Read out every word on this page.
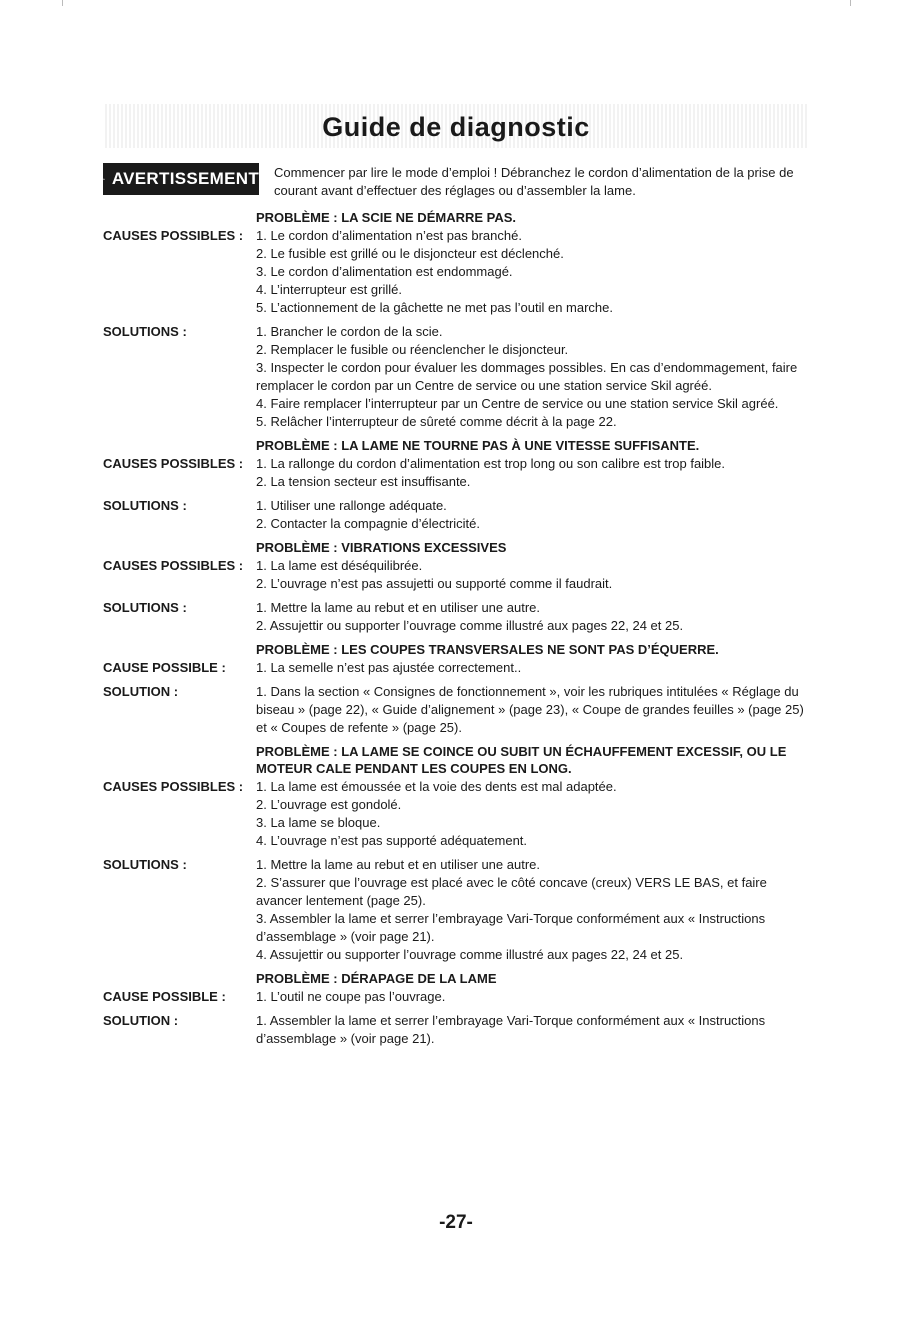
Guide de diagnostic
AVERTISSEMENT Commencer par lire le mode d’emploi ! Débranchez le cordon d’alimentation de la prise de courant avant d’effectuer des réglages ou d’assembler la lame.
PROBLÈME : LA SCIE NE DÉMARRE PAS.
CAUSES POSSIBLES : 1. Le cordon d’alimentation n’est pas branché.
2. Le fusible est grillé ou le disjoncteur est déclenché.
3. Le cordon d’alimentation est endommagé.
4. L’interrupteur est grillé.
5. L’actionnement de la gâchette ne met pas l’outil en marche.
SOLUTIONS :	1. Brancher le cordon de la scie.
2. Remplacer le fusible ou réenclencher le disjoncteur.
3. Inspecter le cordon pour évaluer les dommages possibles. En cas d’endommagement, faire remplacer le cordon par un Centre de service ou une station service Skil agréé.
4. Faire remplacer l’interrupteur par un Centre de service ou une station service Skil agréé.
5. Relâcher l’interrupteur de sûreté comme décrit à la page 22.
PROBLÈME : LA LAME NE TOURNE PAS À UNE VITESSE SUFFISANTE.
CAUSES POSSIBLES : 1. La rallonge du cordon d’alimentation est trop long ou son calibre est trop faible.
2. La tension secteur est insuffisante.
SOLUTIONS :	1. Utiliser une rallonge adéquate.
2. Contacter la compagnie d’électricité.
PROBLÈME : VIBRATIONS EXCESSIVES
CAUSES POSSIBLES : 1. La lame est déséquilibrée.
2. L’ouvrage n’est pas assujetti ou supporté comme il faudrait.
SOLUTIONS :	1. Mettre la lame au rebut et en utiliser une autre.
2. Assujettir ou supporter l’ouvrage comme illustré aux pages 22, 24 et 25.
PROBLÈME : LES COUPES TRANSVERSALES NE SONT PAS D’ÉQUERRE.
CAUSE POSSIBLE :	1. La semelle n’est pas ajustée correctement..
SOLUTION :	1. Dans la section « Consignes de fonctionnement », voir les rubriques intitulées « Réglage du biseau » (page 22), « Guide d’alignement » (page 23), « Coupe de grandes feuilles » (page 25) et « Coupes de refente » (page 25).
PROBLÈME : LA LAME SE COINCE OU SUBIT UN ÉCHAUFFEMENT EXCESSIF, OU LE MOTEUR CALE PENDANT LES COUPES EN LONG.
CAUSES POSSIBLES : 1. La lame est émoussée et la voie des dents est mal adaptée.
2. L’ouvrage est gondolé.
3. La lame se bloque.
4. L’ouvrage n’est pas supporté adéquatement.
SOLUTIONS :	1. Mettre la lame au rebut et en utiliser une autre.
2. S’assurer que l’ouvrage est placé avec le côté concave (creux) VERS LE BAS, et faire avancer lentement (page 25).
3. Assembler la lame et serrer l’embrayage Vari-Torque conformément aux « Instructions d’assemblage » (voir page 21).
4. Assujettir ou supporter l’ouvrage comme illustré aux pages 22, 24 et 25.
PROBLÈME : DÉRAPAGE DE LA LAME
CAUSE POSSIBLE :	1. L’outil ne coupe pas l’ouvrage.
SOLUTION :	1. Assembler la lame et serrer l’embrayage Vari-Torque conformément aux « Instructions d’assemblage » (voir page 21).
-27-
